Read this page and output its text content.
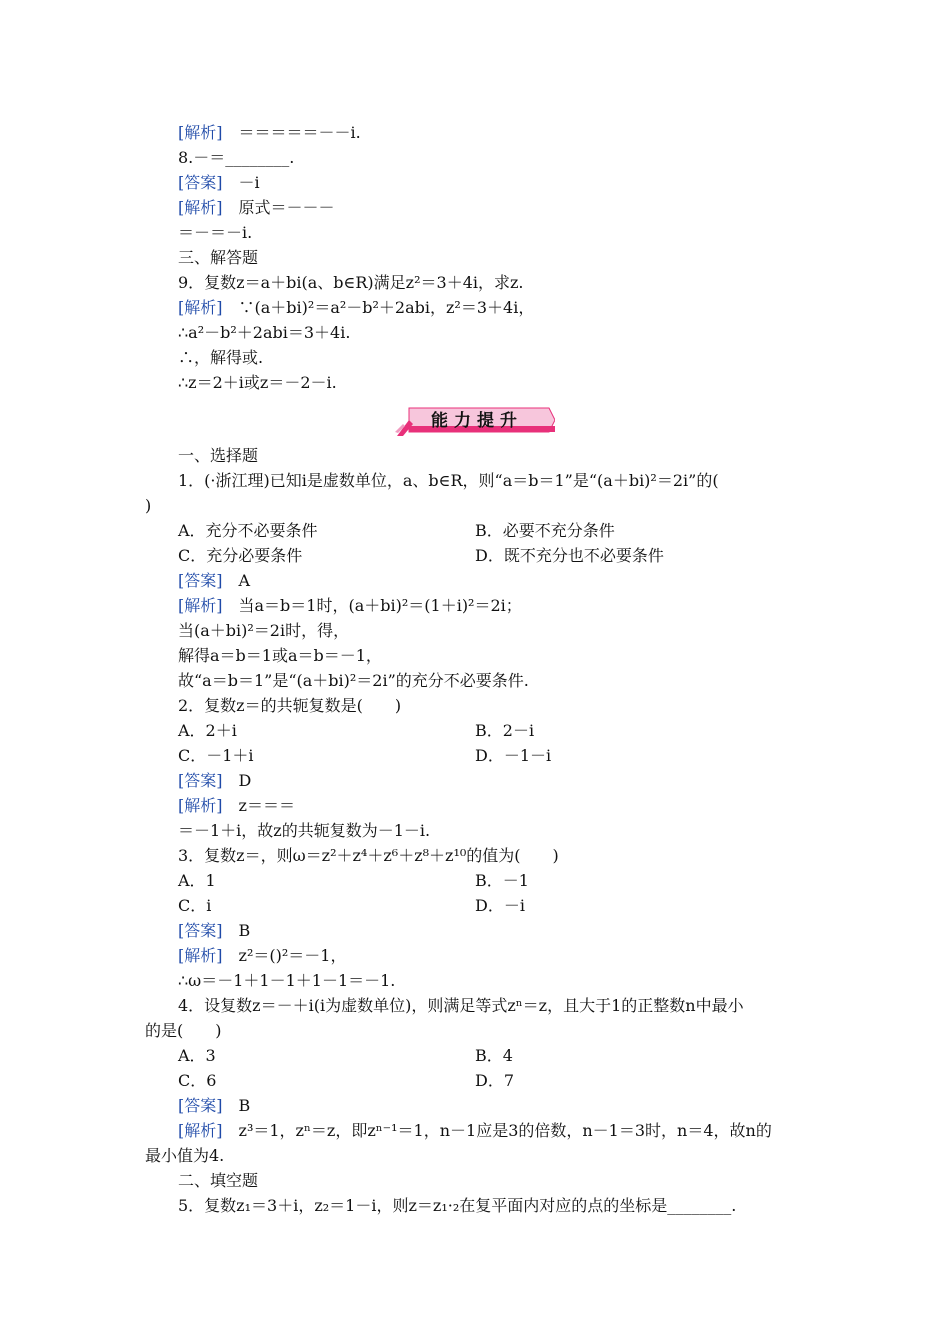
[解析]　 ＝＝＝＝＝－－i.
8.－＝________.
[答案]　 －i
[解析]　 原式＝－－－
＝－＝－i.
三、解答题
9．复数z＝a＋bi(a、b∈R)满足z²＝3＋4i，求z.
[解析]　 ∵(a＋bi)²＝a²－b²＋2abi，z²＝3＋4i，
∴a²－b²＋2abi＝3＋4i.
∴，解得或.
∴z＝2＋i或z＝－2－i.
能力提升
一、选择题
1．(·浙江理)已知i是虚数单位，a、b∈R，则“a＝b＝1”是“(a＋bi)²＝2i”的(
)
A．充分不必要条件	B．必要不充分条件
C．充分必要条件	D．既不充分也不必要条件
[答案]　 A
[解析]　 当a＝b＝1时，(a＋bi)²＝(1＋i)²＝2i；
当(a＋bi)²＝2i时，得，
解得a＝b＝1或a＝b＝－1，
故“a＝b＝1”是“(a＋bi)²＝2i”的充分不必要条件.
2．复数z＝的共轭复数是(　　)
A．2＋i	B．2－i
C．－1＋i	D．－1－i
[答案]　 D
[解析]　 z＝＝＝
＝－1＋i，故z的共轭复数为－1－i.
3．复数z＝，则ω＝z²＋z⁴＋z⁶＋z⁸＋z¹⁰的值为(　　)
A．1	B．－1
C．i	D．－i
[答案]　 B
[解析]　 z²＝()²＝－1，
∴ω＝－1＋1－1＋1－1＝－1.
4．设复数z＝－＋i(i为虚数单位)，则满足等式zⁿ＝z，且大于1的正整数n中最小
的是(　　)
A．3	B．4
C．6	D．7
[答案]　 B
[解析]　 z³＝1，zⁿ＝z，即zⁿ⁻¹＝1，n－1应是3的倍数，n－1＝3时，n＝4，故n的
最小值为4.
二、填空题
5．复数z₁＝3＋i，z₂＝1－i，则z＝z₁·₂在复平面内对应的点的坐标是________.
